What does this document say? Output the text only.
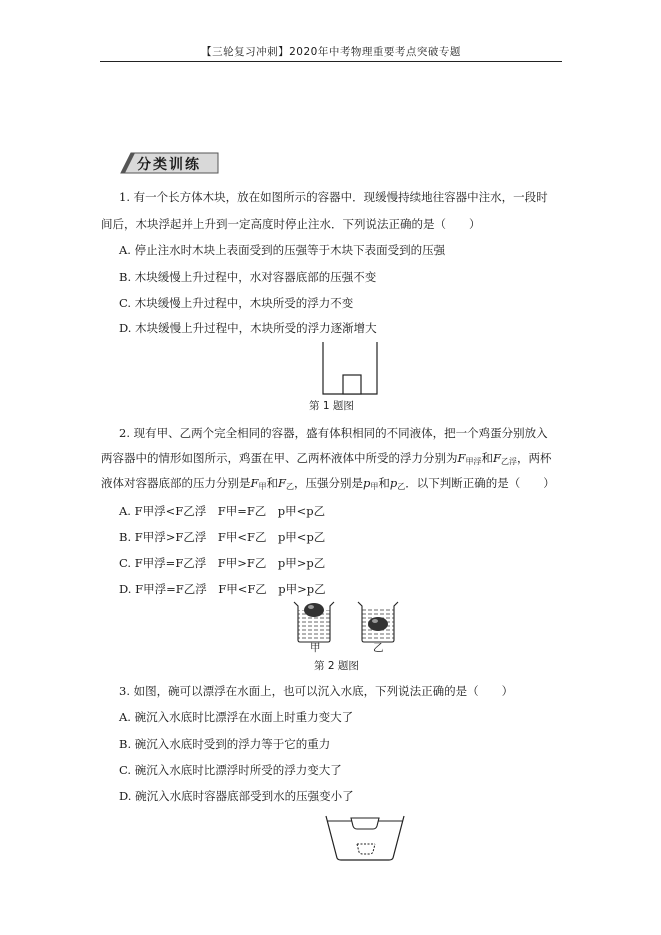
【三轮复习冲刺】2020年中考物理重要考点突破专题
分类训练
1. 有一个长方体木块，放在如图所示的容器中．现缓慢持续地往容器中注水，一段时
间后，木块浮起并上升到一定高度时停止注水．下列说法正确的是（　　）
A. 停止注水时木块上表面受到的压强等于木块下表面受到的压强
B. 木块缓慢上升过程中，水对容器底部的压强不变
C. 木块缓慢上升过程中，木块所受的浮力不变
D. 木块缓慢上升过程中，木块所受的浮力逐渐增大
第 1 题图
2. 现有甲、乙两个完全相同的容器，盛有体积相同的不同液体，把一个鸡蛋分别放入
两容器中的情形如图所示，鸡蛋在甲、乙两杯液体中所受的浮力分别为$F_{甲浮}$和$F_{乙浮}$，两杯
液体对容器底部的压力分别是$F_甲$和$F_乙$，压强分别是$p_甲$和$p_乙$．以下判断正确的是（　　）
A. F甲浮<F乙浮　F甲=F乙　p甲<p乙
B. F甲浮>F乙浮　F甲<F乙　p甲<p乙
C. F甲浮=F乙浮　F甲>F乙　p甲>p乙
D. F甲浮=F乙浮　F甲<F乙　p甲>p乙
甲	乙
第 2 题图
3. 如图，碗可以漂浮在水面上，也可以沉入水底，下列说法正确的是（　　）
A. 碗沉入水底时比漂浮在水面上时重力变大了
B. 碗沉入水底时受到的浮力等于它的重力
C. 碗沉入水底时比漂浮时所受的浮力变大了
D. 碗沉入水底时容器底部受到水的压强变小了
